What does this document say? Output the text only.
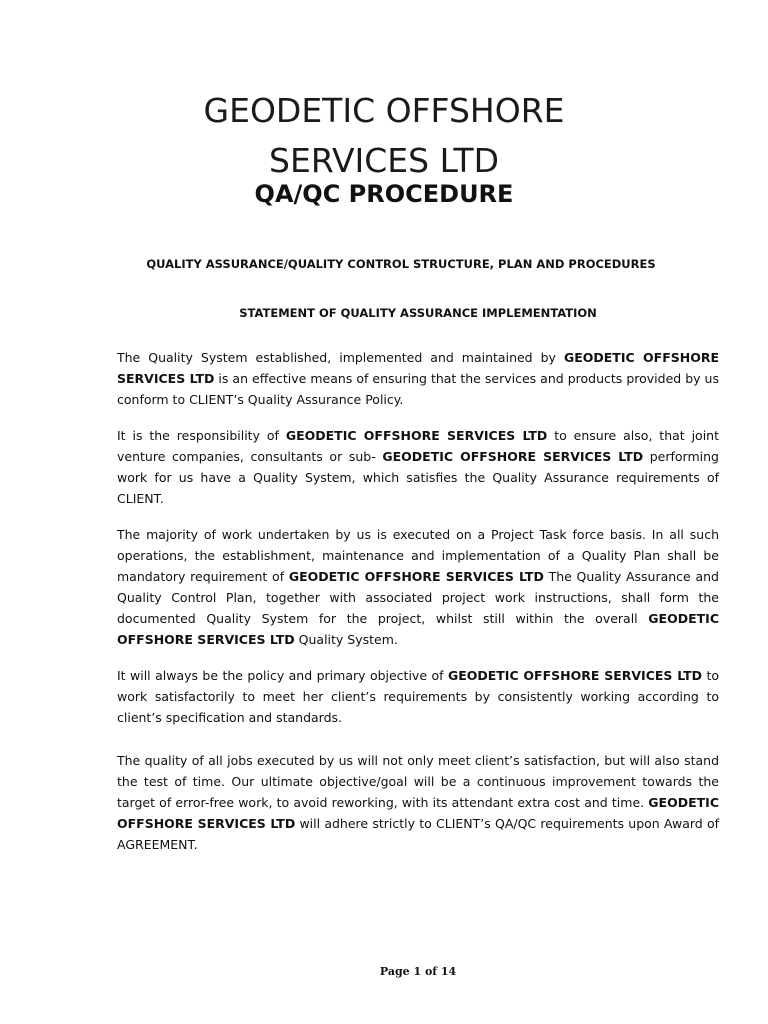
GEODETIC OFFSHORE
SERVICES LTD
QA/QC PROCEDURE
QUALITY ASSURANCE/QUALITY CONTROL STRUCTURE, PLAN AND PROCEDURES
STATEMENT OF QUALITY ASSURANCE IMPLEMENTATION

The Quality System established, implemented and maintained by GEODETIC OFFSHORE SERVICES LTD is an effective means of ensuring that the services and products provided by us conform to CLIENT’s Quality Assurance Policy.

It is the responsibility of GEODETIC OFFSHORE SERVICES LTD to ensure also, that joint venture companies, consultants or sub- GEODETIC OFFSHORE SERVICES LTD performing work for us have a Quality System, which satisfies the Quality Assurance requirements of CLIENT.

The majority of work undertaken by us is executed on a Project Task force basis. In all such operations, the establishment, maintenance and implementation of a Quality Plan shall be mandatory requirement of GEODETIC OFFSHORE SERVICES LTD The Quality Assurance and Quality Control Plan, together with associated project work instructions, shall form the documented Quality System for the project, whilst still within the overall GEODETIC OFFSHORE SERVICES LTD Quality System.

It will always be the policy and primary objective of GEODETIC OFFSHORE SERVICES LTD to work satisfactorily to meet her client’s requirements by consistently working according to client’s specification and standards.

The quality of all jobs executed by us will not only meet client’s satisfaction, but will also stand the test of time. Our ultimate objective/goal will be a continuous improvement towards the target of error-free work, to avoid reworking, with its attendant extra cost and time. GEODETIC OFFSHORE SERVICES LTD will adhere strictly to CLIENT’s QA/QC requirements upon Award of AGREEMENT.

Page 1 of 14
